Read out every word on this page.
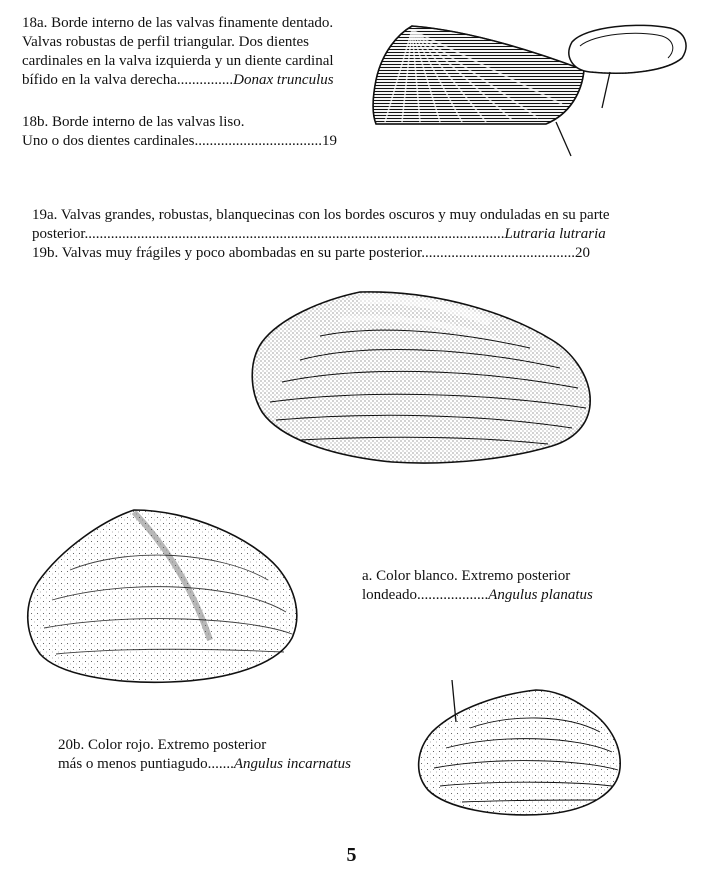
18a. Borde interno de las valvas finamente dentado.

Valvas robustas de perfil triangular. Dos dientes

cardinales en la valva izquierda y un diente cardinal

bífido en la valva derecha...............Donax trunculus

18b. Borde interno de las valvas liso.

Uno o dos dientes cardinales..................................19

19a. Valvas grandes, robustas, blanquecinas con los bordes oscuros y muy onduladas en su parte

posterior................................................................................................................Lutraria lutraria

19b. Valvas muy frágiles y poco abombadas en su parte posterior.........................................20

a. Color blanco. Extremo posterior

londeado...................Angulus planatus

20b. Color rojo. Extremo posterior

más o menos puntiagudo.......Angulus incarnatus

5
